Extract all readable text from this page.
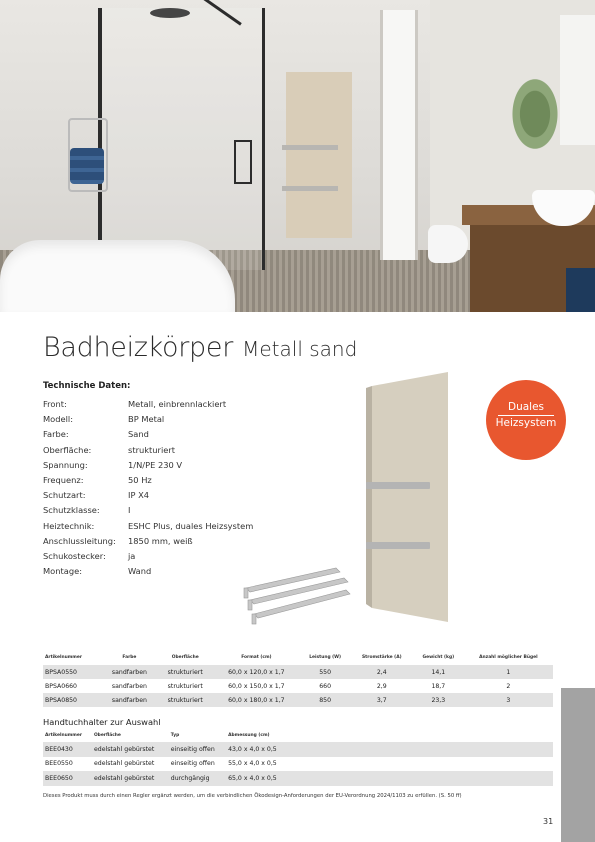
Badheizkörper Metall sand
Technische Daten:
Front:	Metall, einbrennlackiert
Modell:	BP Metal
Farbe:	Sand
Oberfläche:	strukturiert
Spannung:	1/N/PE 230 V
Frequenz:	50 Hz
Schutzart:	IP X4
Schutzklasse:	I
Heiztechnik:	ESHC Plus, duales Heizsystem
Anschlussleitung: 1850 mm, weiß
Schukostecker:	ja
Montage:	Wand
Duales
Heizsystem
Artikelnummer	Farbe	Oberfläche	Format (cm)	Leistung (W)	Stromstärke (A)	Gewicht (kg)	Anzahl möglicher Bügel
BPSA0550	sandfarben	strukturiert	60,0 x 120,0 x 1,7	550	2,4	14,1	1
BPSA0660	sandfarben	strukturiert	60,0 x 150,0 x 1,7	660	2,9	18,7	2
BPSA0850	sandfarben	strukturiert	60,0 x 180,0 x 1,7	850	3,7	23,3	3
Handtuchhalter zur Auswahl
Artikelnummer	Oberfläche	Typ	Abmessung (cm)	
BEE0430	edelstahl gebürstet	einseitig offen	43,0 x 4,0 x 0,5	
BEE0550	edelstahl gebürstet	einseitig offen	55,0 x 4,0 x 0,5	
BEE0650	edelstahl gebürstet	durchgängig	65,0 x 4,0 x 0,5	
Dieses Produkt muss durch einen Regler ergänzt werden, um die verbindlichen Ökodesign-Anforderungen der EU-Verordnung 2024/1103 zu erfüllen. (S. 50 ff)
31
